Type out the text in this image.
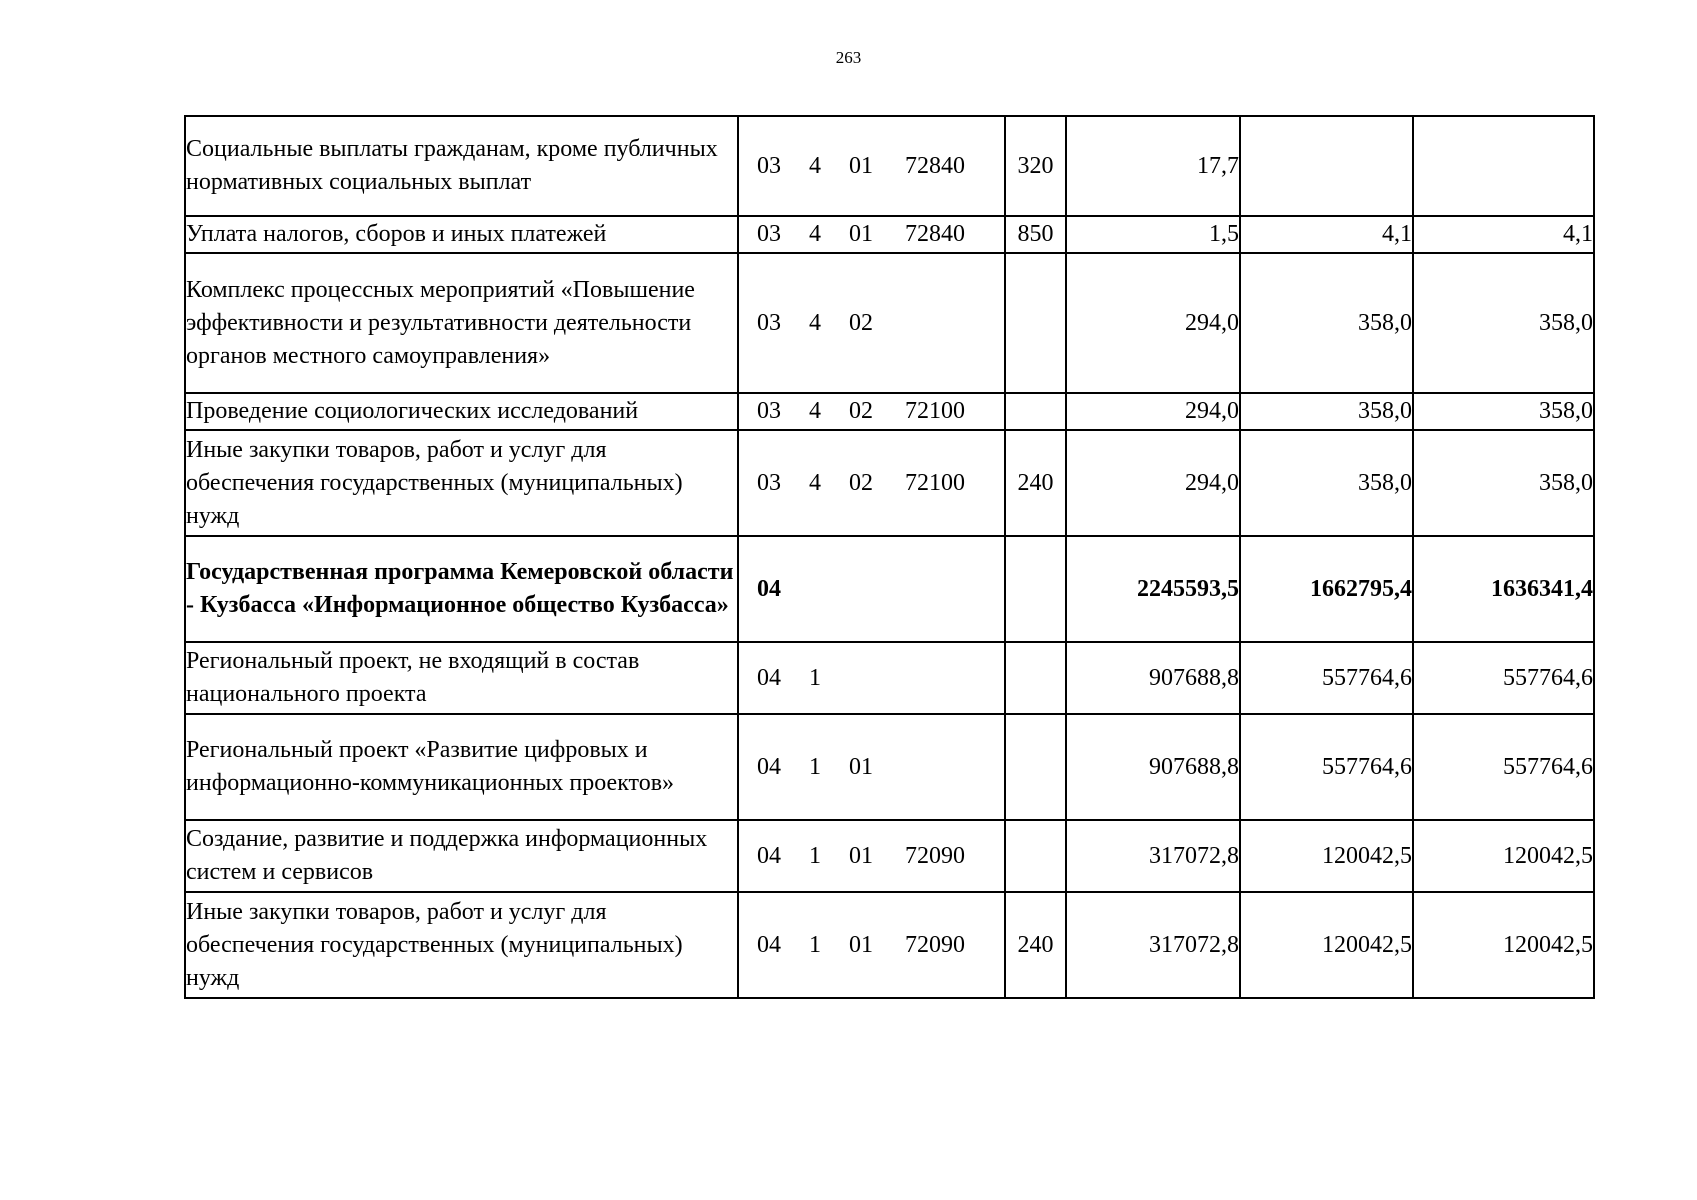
263
Социальные выплаты гражданам, кроме публичных нормативных социальных выплат	03 4 01 72840	320	17,7		
Уплата налогов, сборов и иных платежей	03 4 01 72840	850	1,5	4,1	4,1
Комплекс процессных мероприятий «Повышение эффективности и результативности деятельности органов местного самоуправления»	03 4 02		294,0	358,0	358,0
Проведение социологических исследований	03 4 02 72100		294,0	358,0	358,0
Иные закупки товаров, работ и услуг для обеспечения государственных (муниципальных) нужд	03 4 02 72100	240	294,0	358,0	358,0
Государственная программа Кемеровской области - Кузбасса «Информационное общество Кузбасса»	04		2245593,5	1662795,4	1636341,4
Региональный проект, не входящий в состав национального проекта	04 1		907688,8	557764,6	557764,6
Региональный проект «Развитие цифровых и информационно-коммуникационных проектов»	04 1 01		907688,8	557764,6	557764,6
Создание, развитие и поддержка информационных систем и сервисов	04 1 01 72090		317072,8	120042,5	120042,5
Иные закупки товаров, работ и услуг для обеспечения государственных (муниципальных) нужд	04 1 01 72090	240	317072,8	120042,5	120042,5
